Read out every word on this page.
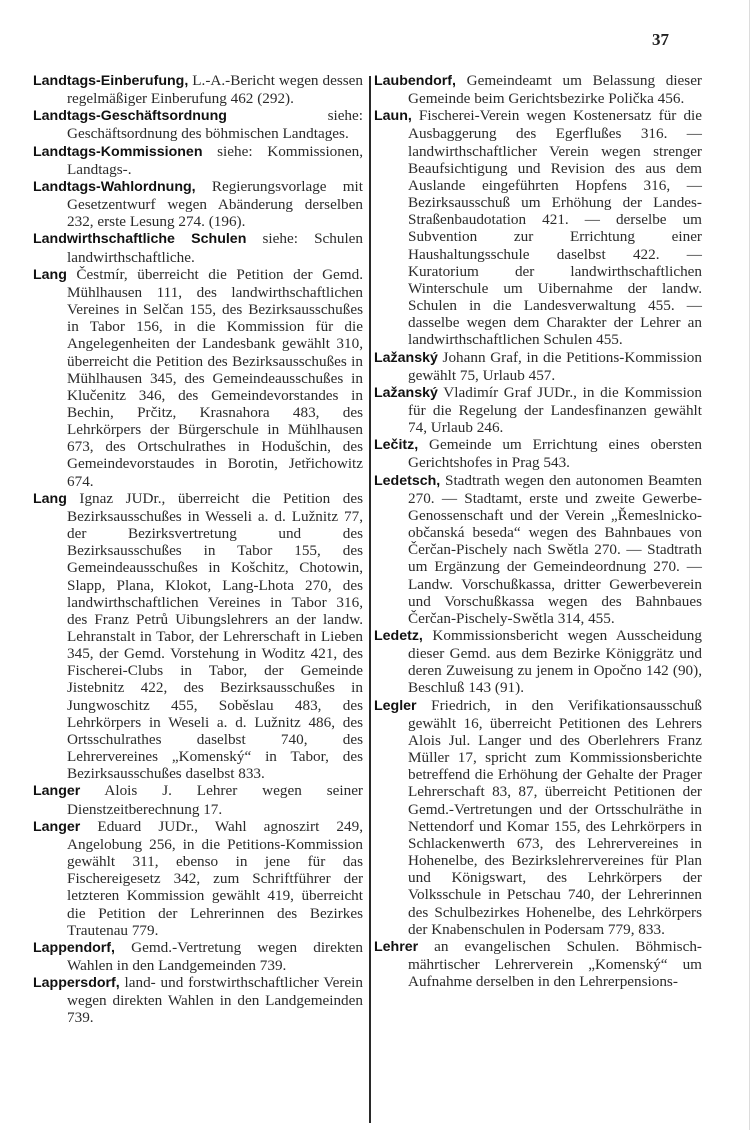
37

Landtags-Einberufung, L.-A.-Bericht wegen dessen regelmäßiger Einberufung 462 (292).

Landtags-Geschäftsordnung siehe: Geschäftsordnung des böhmischen Landtages.

Landtags-Kommissionen siehe: Kommissionen, Landtags-.

Landtags-Wahlordnung, Regierungsvorlage mit Gesetzentwurf wegen Abänderung derselben 232, erste Lesung 274. (196).

Landwirthschaftliche Schulen siehe: Schulen landwirthschaftliche.

Lang Čestmír, überreicht die Petition der Gemd. Mühlhausen 111, des landwirthschaftlichen Vereines in Selčan 155, des Bezirksausschußes in Tabor 156, in die Kommission für die Angelegenheiten der Landesbank gewählt 310, überreicht die Petition des Bezirksausschußes in Mühlhausen 345, des Gemeindeausschußes in Klučenitz 346, des Gemeindevorstandes in Bechin, Prčitz, Krasnahora 483, des Lehrkörpers der Bürgerschule in Mühlhausen 673, des Ortschulrathes in Hodušchin, des Gemeindevorstaudes in Borotin, Jetřichowitz 674.

Lang Ignaz JUDr., überreicht die Petition des Bezirksausschußes in Wesseli a. d. Lužnitz 77, der Bezirksvertretung und des Bezirksausschußes in Tabor 155, des Gemeindeausschußes in Košchitz, Chotowin, Slapp, Plana, Klokot, Lang-Lhota 270, des landwirthschaftlichen Vereines in Tabor 316, des Franz Petrů Uibungslehrers an der landw. Lehranstalt in Tabor, der Lehrerschaft in Lieben 345, der Gemd. Vorstehung in Woditz 421, des Fischerei-Clubs in Tabor, der Gemeinde Jistebnitz 422, des Bezirksausschußes in Jungwoschitz 455, Soběslau 483, des Lehrkörpers in Weseli a. d. Lužnitz 486, des Ortsschulrathes daselbst 740, des Lehrervereines „Komenský“ in Tabor, des Bezirksausschußes daselbst 833.

Langer Alois J. Lehrer wegen seiner Dienstzeitberechnung 17.

Langer Eduard JUDr., Wahl agnoszirt 249, Angelobung 256, in die Petitions-Kommission gewählt 311, ebenso in jene für das Fischereigesetz 342, zum Schriftführer der letzteren Kommission gewählt 419, überreicht die Petition der Lehrerinnen des Bezirkes Trautenau 779.

Lappendorf, Gemd.-Vertretung wegen direkten Wahlen in den Landgemeinden 739.

Lappersdorf, land- und forstwirthschaftlicher Verein wegen direkten Wahlen in den Landgemeinden 739.

Laubendorf, Gemeindeamt um Belassung dieser Gemeinde beim Gerichtsbezirke Polička 456.

Laun, Fischerei-Verein wegen Kostenersatz für die Ausbaggerung des Egerflußes 316. — landwirthschaftlicher Verein wegen strenger Beaufsichtigung und Revision des aus dem Auslande eingeführten Hopfens 316, — Bezirksausschuß um Erhöhung der Landes-Straßenbaudotation 421. — derselbe um Subvention zur Errichtung einer Haushaltungsschule daselbst 422. — Kuratorium der landwirthschaftlichen Winterschule um Uibernahme der landw. Schulen in die Landesverwaltung 455. — dasselbe wegen dem Charakter der Lehrer an landwirthschaftlichen Schulen 455.

Lažanský Johann Graf, in die Petitions-Kommission gewählt 75, Urlaub 457.

Lažanský Vladimír Graf JUDr., in die Kommission für die Regelung der Landesfinanzen gewählt 74, Urlaub 246.

Lečitz, Gemeinde um Errichtung eines obersten Gerichtshofes in Prag 543.

Ledetsch, Stadtrath wegen den autonomen Beamten 270. — Stadtamt, erste und zweite Gewerbe-Genossenschaft und der Verein „Řemeslnicko-občanská beseda“ wegen des Bahnbaues von Čerčan-Pischely nach Swětla 270. — Stadtrath um Ergänzung der Gemeindeordnung 270. — Landw. Vorschußkassa, dritter Gewerbeverein und Vorschußkassa wegen des Bahnbaues Čerčan-Pischely-Swětla 314, 455.

Ledetz, Kommissionsbericht wegen Ausscheidung dieser Gemd. aus dem Bezirke Königgrätz und deren Zuweisung zu jenem in Opočno 142 (90), Beschluß 143 (91).

Legler Friedrich, in den Verifikationsausschuß gewählt 16, überreicht Petitionen des Lehrers Alois Jul. Langer und des Oberlehrers Franz Müller 17, spricht zum Kommissionsberichte betreffend die Erhöhung der Gehalte der Prager Lehrerschaft 83, 87, überreicht Petitionen der Gemd.-Vertretungen und der Ortsschulräthe in Nettendorf und Komar 155, des Lehrkörpers in Schlackenwerth 673, des Lehrervereines in Hohenelbe, des Bezirkslehrervereines für Plan und Königswart, des Lehrkörpers der Volksschule in Petschau 740, der Lehrerinnen des Schulbezirkes Hohenelbe, des Lehrkörpers der Knabenschulen in Podersam 779, 833.

Lehrer an evangelischen Schulen. Böhmisch-mährtischer Lehrerverein „Komenský“ um Aufnahme derselben in den Lehrerpensions-
